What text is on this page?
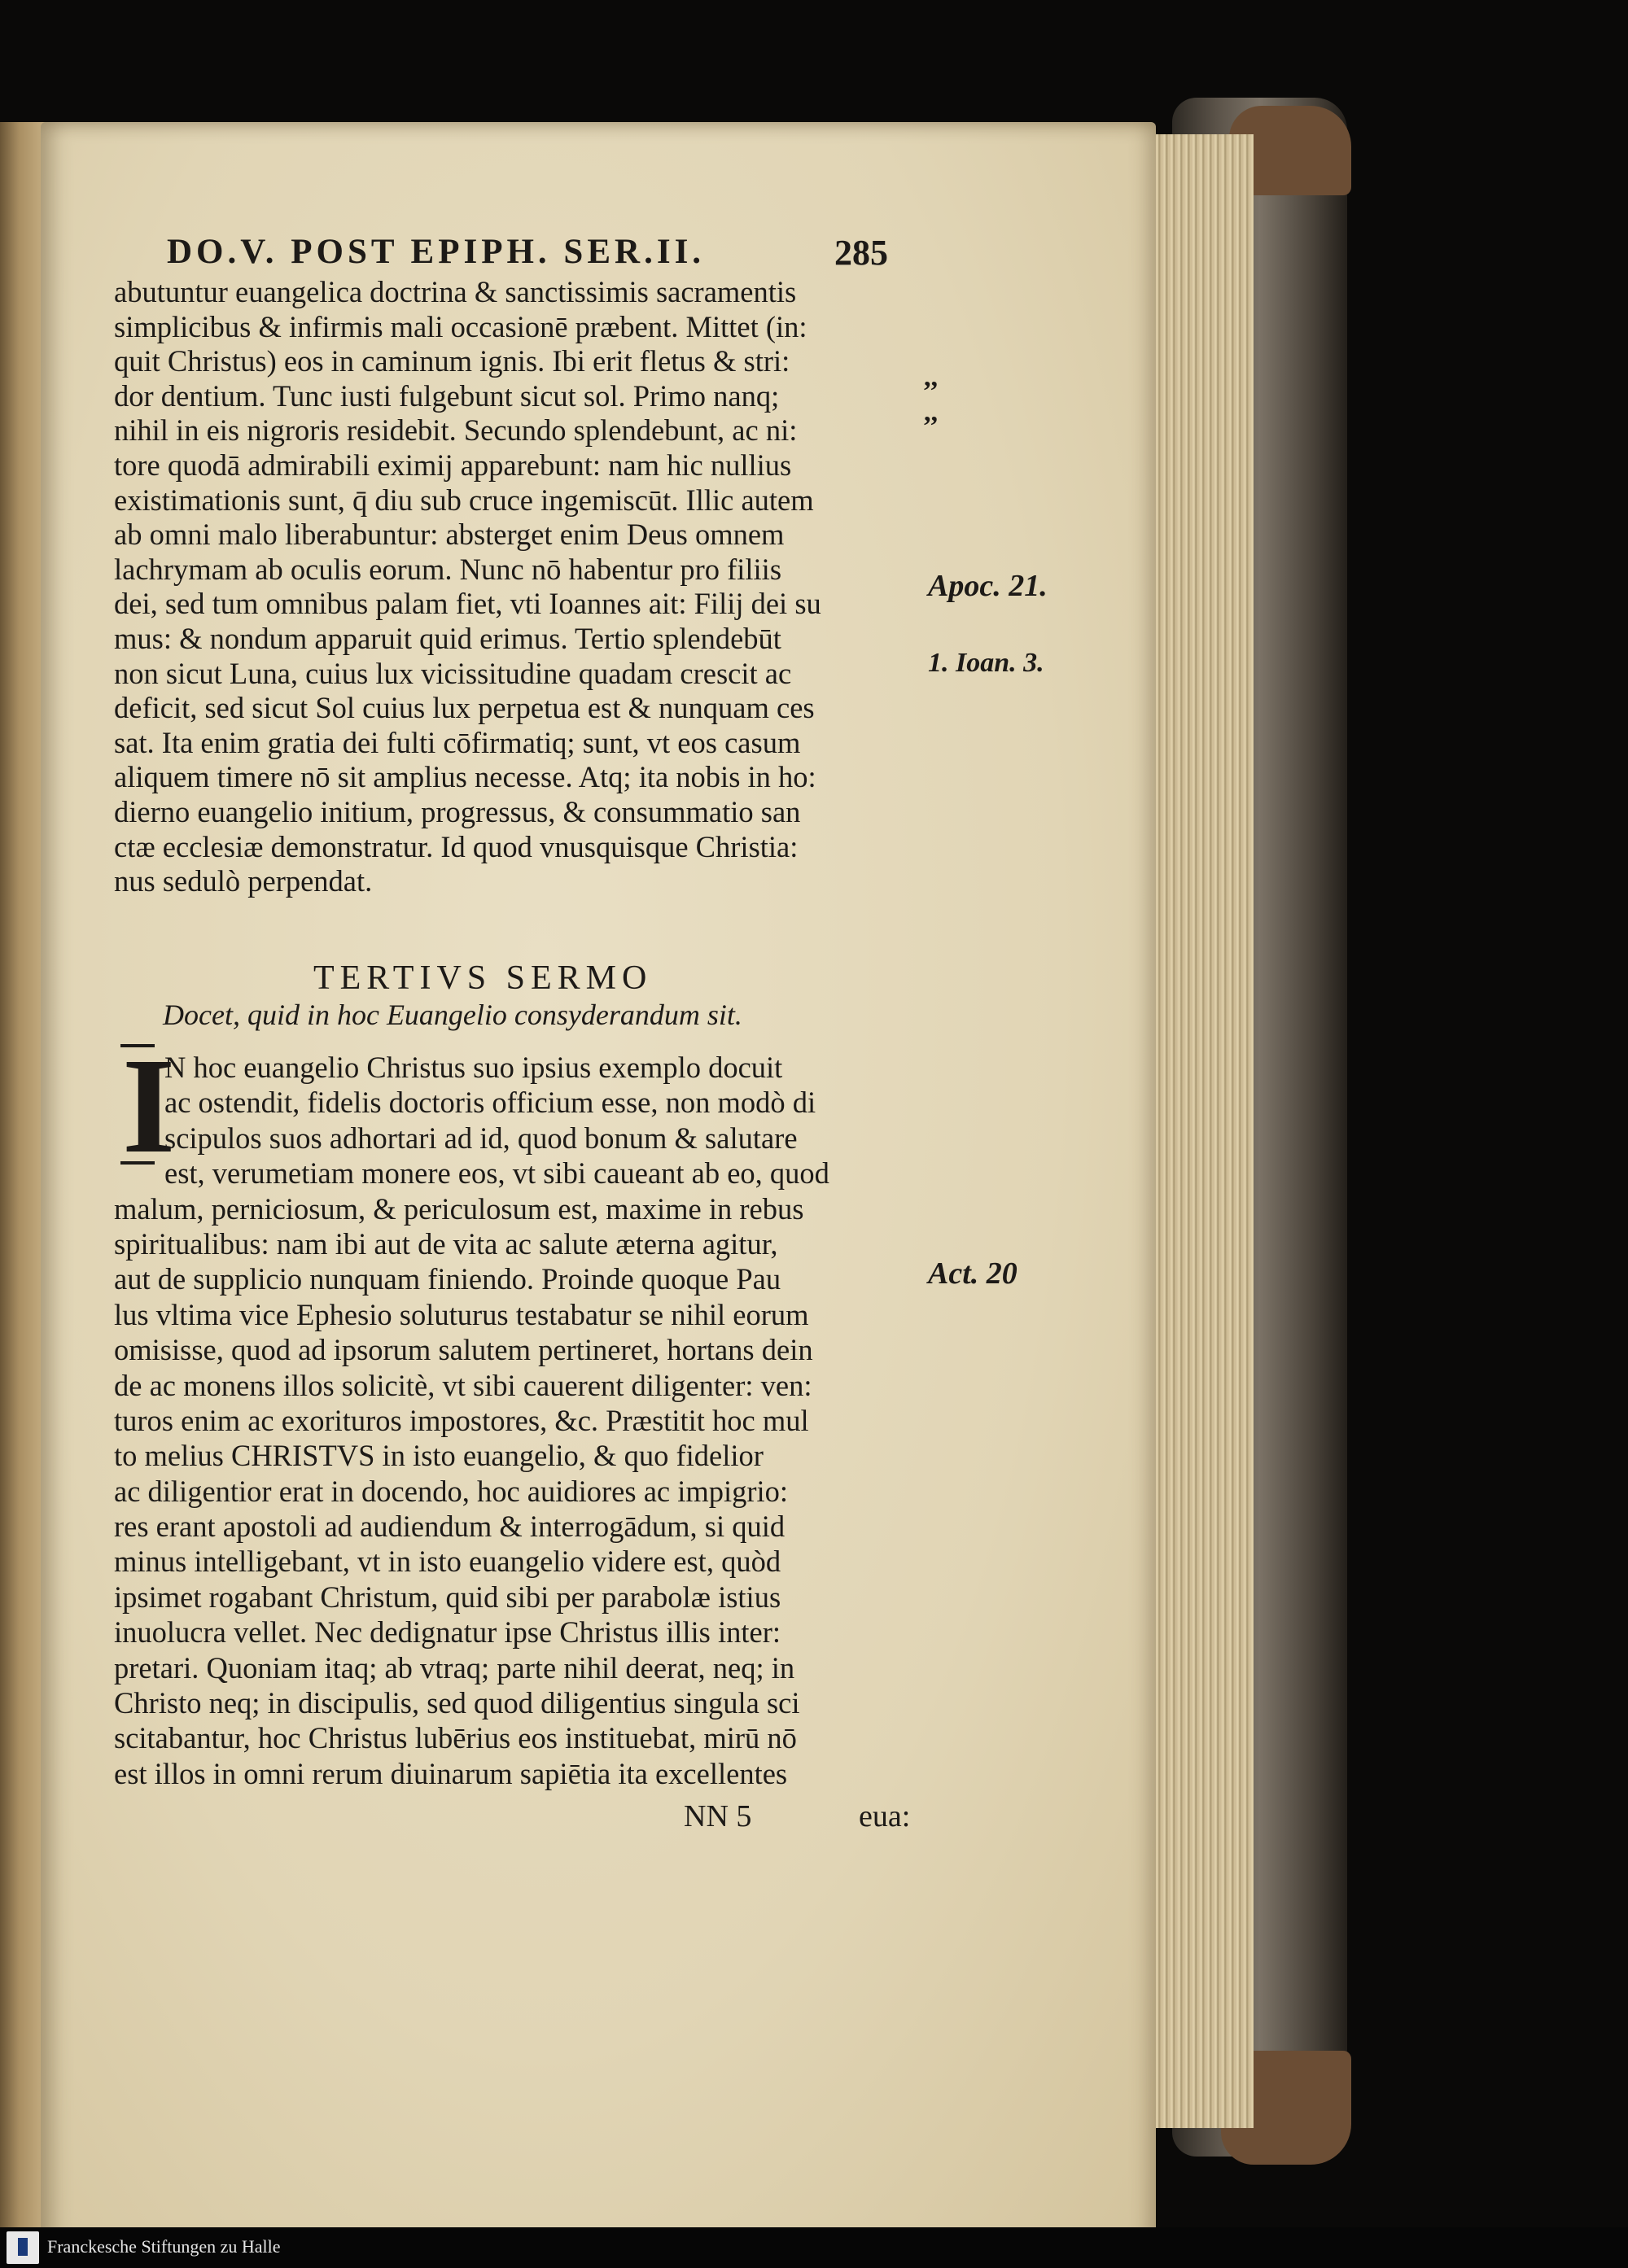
DO.V. POST EPIPH. SER.II.	285
abutuntur euangelica doctrina & sanctissimis sacramentis
simplicibus & infirmis mali occasionē præbent. Mittet (in:
quit Christus) eos in caminum ignis. Ibi erit fletus & stri:
dor dentium. Tunc iusti fulgebunt sicut sol. Primo nanq;
nihil in eis nigroris residebit. Secundo splendebunt, ac ni:
tore quodā admirabili eximij apparebunt: nam hic nullius
existimationis sunt, q̄ diu sub cruce ingemiscūt. Illic autem
ab omni malo liberabuntur: absterget enim Deus omnem
lachrymam ab oculis eorum. Nunc nō habentur pro filiis
dei, sed tum omnibus palam fiet, vti Ioannes ait: Filij dei su
mus: & nondum apparuit quid erimus. Tertio splendebūt
non sicut Luna, cuius lux vicissitudine quadam crescit ac
deficit, sed sicut Sol cuius lux perpetua est & nunquam ces
sat. Ita enim gratia dei fulti cōfirmatiq; sunt, vt eos casum
aliquem timere nō sit amplius necesse. Atq; ita nobis in ho:
dierno euangelio initium, progressus, & consummatio san
ctæ ecclesiæ demonstratur. Id quod vnusquisque Christia:
nus sedulò perpendat.
TERTIVS SERMO
Docet, quid in hoc Euangelio consyderandum sit.
I
N hoc euangelio Christus suo ipsius exemplo docuit
ac ostendit, fidelis doctoris officium esse, non modò di
scipulos suos adhortari ad id, quod bonum & salutare
est, verumetiam monere eos, vt sibi caueant ab eo, quod
malum, perniciosum, & periculosum est, maxime in rebus
spiritualibus: nam ibi aut de vita ac salute æterna agitur,
aut de supplicio nunquam finiendo. Proinde quoque Pau
lus vltima vice Ephesio soluturus testabatur se nihil eorum
omisisse, quod ad ipsorum salutem pertineret, hortans dein
de ac monens illos solicitè, vt sibi cauerent diligenter: ven:
turos enim ac exorituros impostores, &c. Prӕstitit hoc mul
to melius CHRISTVS in isto euangelio, & quo fidelior
ac diligentior erat in docendo, hoc auidiores ac impigrio:
res erant apostoli ad audiendum & interrogādum, si quid
minus intelligebant, vt in isto euangelio videre est, quòd
ipsimet rogabant Christum, quid sibi per parabolæ istius
inuolucra vellet. Nec dedignatur ipse Christus illis inter:
pretari. Quoniam itaq; ab vtraq; parte nihil deerat, neq; in
Christo neq; in discipulis, sed quod diligentius singula sci
scitabantur, hoc Christus lubērius eos instituebat, mirū nō
est illos in omni rerum diuinarum sapiētia ita excellentes
NN 5	eua:
,,
,,
Apoc. 21.
1. Ioan. 3.
Act. 20
Franckesche Stiftungen zu Halle
